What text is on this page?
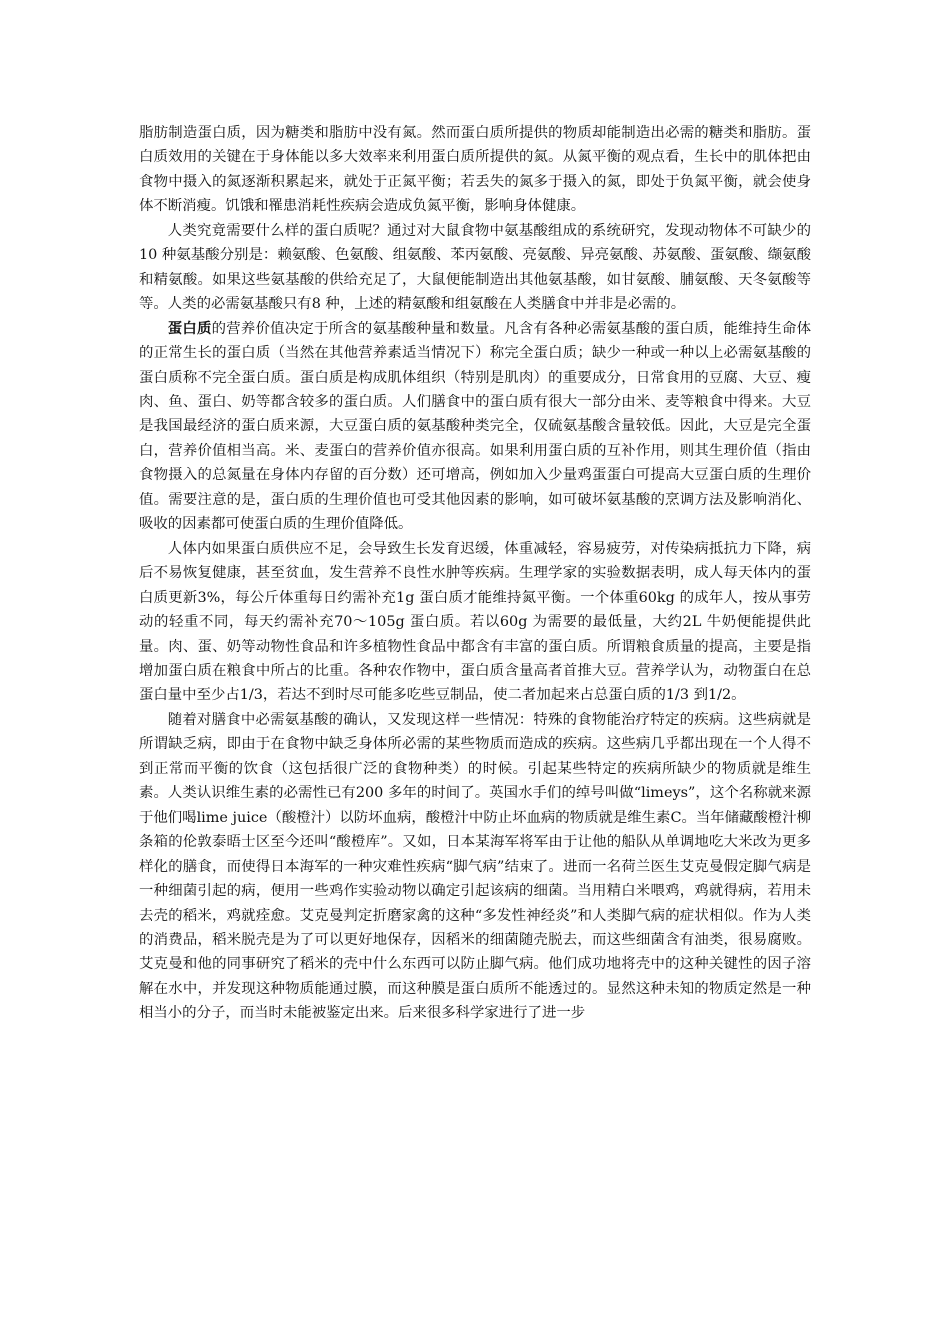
脂肪制造蛋白质，因为糖类和脂肪中没有氮。然而蛋白质所提供的物质却能制造出必需的糖类和脂肪。蛋白质效用的关键在于身体能以多大效率来利用蛋白质所提供的氮。从氮平衡的观点看，生长中的肌体把由食物中摄入的氮逐渐积累起来，就处于正氮平衡；若丢失的氮多于摄入的氮，即处于负氮平衡，就会使身体不断消瘦。饥饿和罹患消耗性疾病会造成负氮平衡，影响身体健康。

人类究竟需要什么样的蛋白质呢？通过对大鼠食物中氨基酸组成的系统研究，发现动物体不可缺少的10 种氨基酸分别是：赖氨酸、色氨酸、组氨酸、苯丙氨酸、亮氨酸、异亮氨酸、苏氨酸、蛋氨酸、缬氨酸和精氨酸。如果这些氨基酸的供给充足了，大鼠便能制造出其他氨基酸，如甘氨酸、脯氨酸、天冬氨酸等等。人类的必需氨基酸只有8 种，上述的精氨酸和组氨酸在人类膳食中并非是必需的。

蛋白质的营养价值决定于所含的氨基酸种量和数量。凡含有各种必需氨基酸的蛋白质，能维持生命体的正常生长的蛋白质（当然在其他营养素适当情况下）称完全蛋白质；缺少一种或一种以上必需氨基酸的蛋白质称不完全蛋白质。蛋白质是构成肌体组织（特别是肌肉）的重要成分，日常食用的豆腐、大豆、瘦肉、鱼、蛋白、奶等都含较多的蛋白质。人们膳食中的蛋白质有很大一部分由米、麦等粮食中得来。大豆是我国最经济的蛋白质来源，大豆蛋白质的氨基酸种类完全，仅硫氨基酸含量较低。因此，大豆是完全蛋白，营养价值相当高。米、麦蛋白的营养价值亦很高。如果利用蛋白质的互补作用，则其生理价值（指由食物摄入的总氮量在身体内存留的百分数）还可增高，例如加入少量鸡蛋蛋白可提高大豆蛋白质的生理价值。需要注意的是，蛋白质的生理价值也可受其他因素的影响，如可破坏氨基酸的烹调方法及影响消化、吸收的因素都可使蛋白质的生理价值降低。

人体内如果蛋白质供应不足，会导致生长发育迟缓，体重减轻，容易疲劳，对传染病抵抗力下降，病后不易恢复健康，甚至贫血，发生营养不良性水肿等疾病。生理学家的实验数据表明，成人每天体内的蛋白质更新3%，每公斤体重每日约需补充1g 蛋白质才能维持氮平衡。一个体重60kg 的成年人，按从事劳动的轻重不同，每天约需补充70～105g 蛋白质。若以60g 为需要的最低量，大约2L 牛奶便能提供此量。肉、蛋、奶等动物性食品和许多植物性食品中都含有丰富的蛋白质。所谓粮食质量的提高，主要是指增加蛋白质在粮食中所占的比重。各种农作物中，蛋白质含量高者首推大豆。营养学认为，动物蛋白在总蛋白量中至少占1/3，若达不到时尽可能多吃些豆制品，使二者加起来占总蛋白质的1/3 到1/2。

随着对膳食中必需氨基酸的确认，又发现这样一些情况：特殊的食物能治疗特定的疾病。这些病就是所谓缺乏病，即由于在食物中缺乏身体所必需的某些物质而造成的疾病。这些病几乎都出现在一个人得不到正常而平衡的饮食（这包括很广泛的食物种类）的时候。引起某些特定的疾病所缺少的物质就是维生素。人类认识维生素的必需性已有200 多年的时间了。英国水手们的绰号叫做“limeys”，这个名称就来源于他们喝lime juice（酸橙汁）以防坏血病，酸橙汁中防止坏血病的物质就是维生素C。当年储藏酸橙汁柳条箱的伦敦泰晤士区至今还叫“酸橙库”。又如，日本某海军将军由于让他的船队从单调地吃大米改为更多样化的膳食，而使得日本海军的一种灾难性疾病“脚气病”结束了。进而一名荷兰医生艾克曼假定脚气病是一种细菌引起的病，便用一些鸡作实验动物以确定引起该病的细菌。当用精白米喂鸡，鸡就得病，若用未去壳的稻米，鸡就痊愈。艾克曼判定折磨家禽的这种“多发性神经炎”和人类脚气病的症状相似。作为人类的消费品，稻米脱壳是为了可以更好地保存，因稻米的细菌随壳脱去，而这些细菌含有油类，很易腐败。艾克曼和他的同事研究了稻米的壳中什么东西可以防止脚气病。他们成功地将壳中的这种关键性的因子溶解在水中，并发现这种物质能通过膜，而这种膜是蛋白质所不能透过的。显然这种未知的物质定然是一种相当小的分子，而当时未能被鉴定出来。后来很多科学家进行了进一步
